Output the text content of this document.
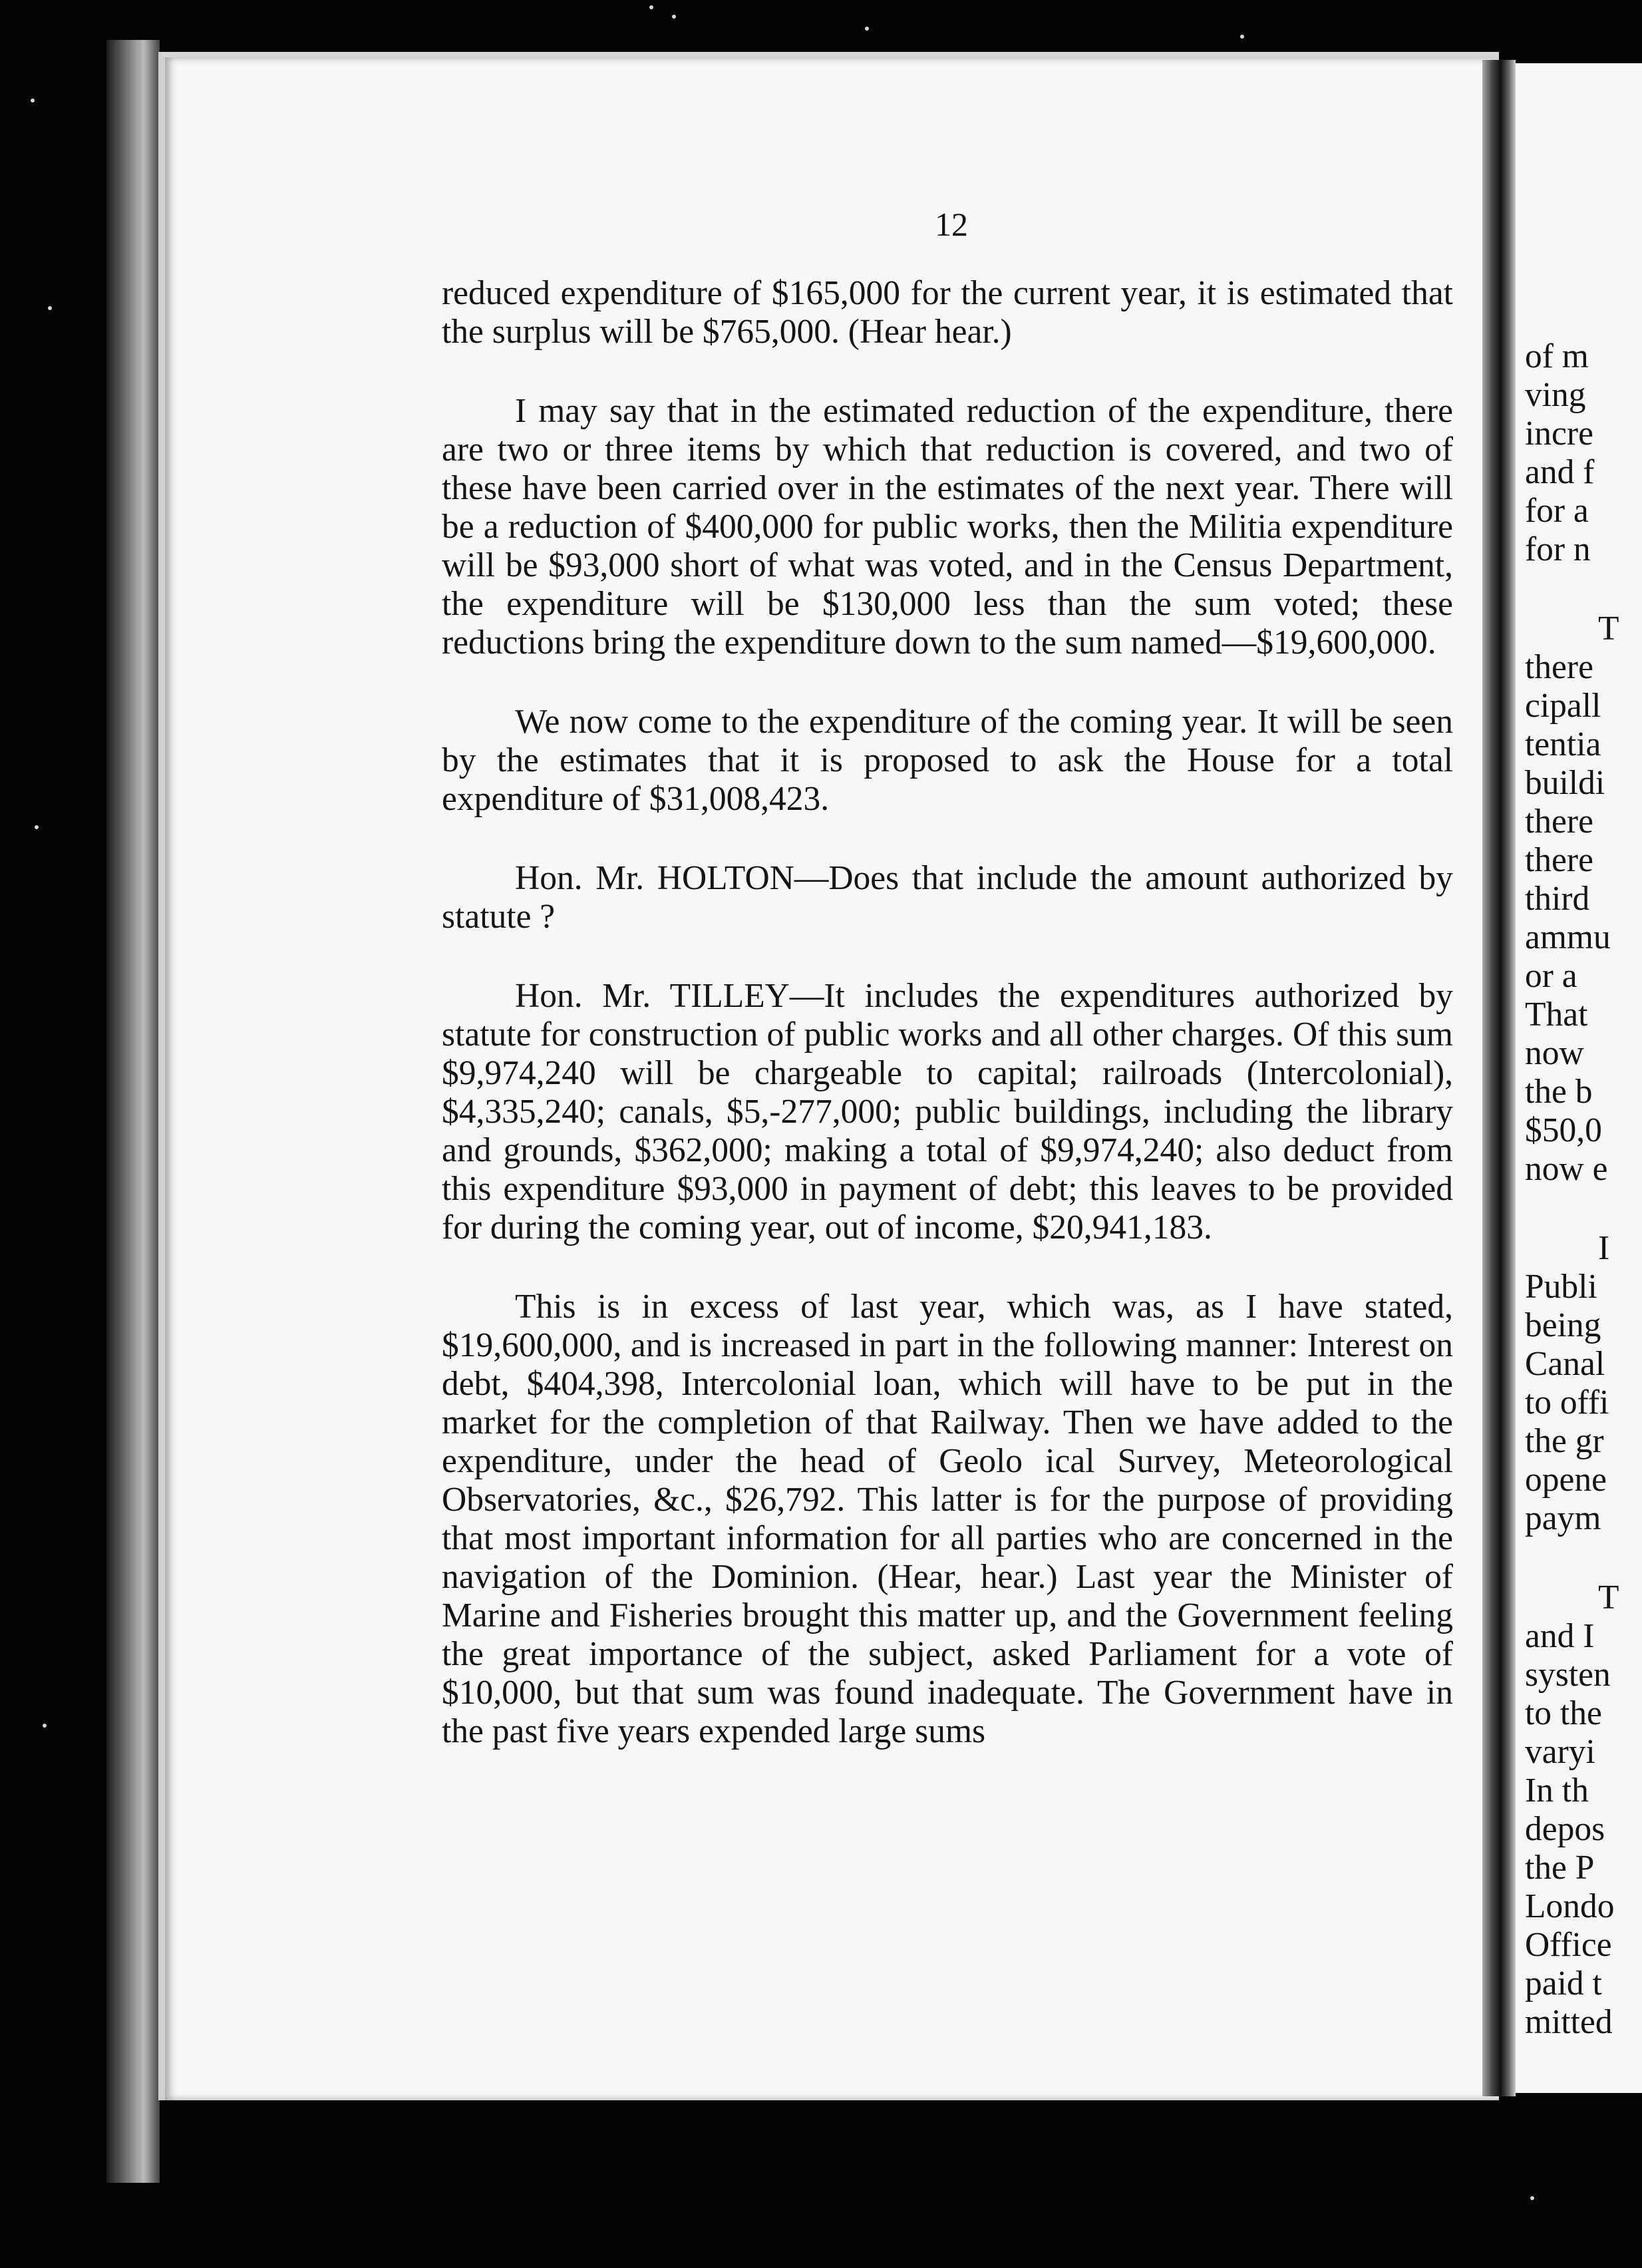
12

reduced expenditure of $165,000 for the current year, it is estimated that the surplus will be $765,000. (Hear hear.)

I may say that in the estimated reduction of the expenditure, there are two or three items by which that reduction is covered, and two of these have been carried over in the estimates of the next year. There will be a reduction of $400,000 for public works, then the Militia expenditure will be $93,000 short of what was voted, and in the Census Department, the expenditure will be $130,000 less than the sum voted; these reductions bring the expenditure down to the sum named—$19,600,000.

We now come to the expenditure of the coming year. It will be seen by the estimates that it is proposed to ask the House for a total expenditure of $31,008,423.

Hon. Mr. HOLTON—Does that include the amount authorized by statute ?

Hon. Mr. TILLEY—It includes the expenditures authorized by statute for construction of public works and all other charges. Of this sum $9,974,240 will be chargeable to capital; railroads (Intercolonial), $4,335,240; canals, $5,-277,000; public buildings, including the library and grounds, $362,000; making a total of $9,974,240; also deduct from this expenditure $93,000 in payment of debt; this leaves to be provided for during the coming year, out of income, $20,941,183.

This is in excess of last year, which was, as I have stated, $19,600,000, and is increased in part in the following manner: Interest on debt, $404,398, Intercolonial loan, which will have to be put in the market for the completion of that Railway. Then we have added to the expenditure, under the head of Geolo ical Survey, Meteorological Observatories, &c., $26,792. This latter is for the purpose of providing that most important information for all parties who are concerned in the navigation of the Dominion. (Hear, hear.) Last year the Minister of Marine and Fisheries brought this matter up, and the Government feeling the great importance of the subject, asked Parliament for a vote of $10,000, but that sum was found inadequate. The Government have in the past five years expended large sums

of m
ving
incre
and f
for a
for n
T
there
cipall
tentia
buildi
there
there
third
ammu
or a
That
now
the b
$50,0
now e
I
Publi
being
Canal
to offi
the gr
opene
paym
T
and I
systen
to the
varyi
In th
depos
the P
Londo
Office
paid t
mitted
